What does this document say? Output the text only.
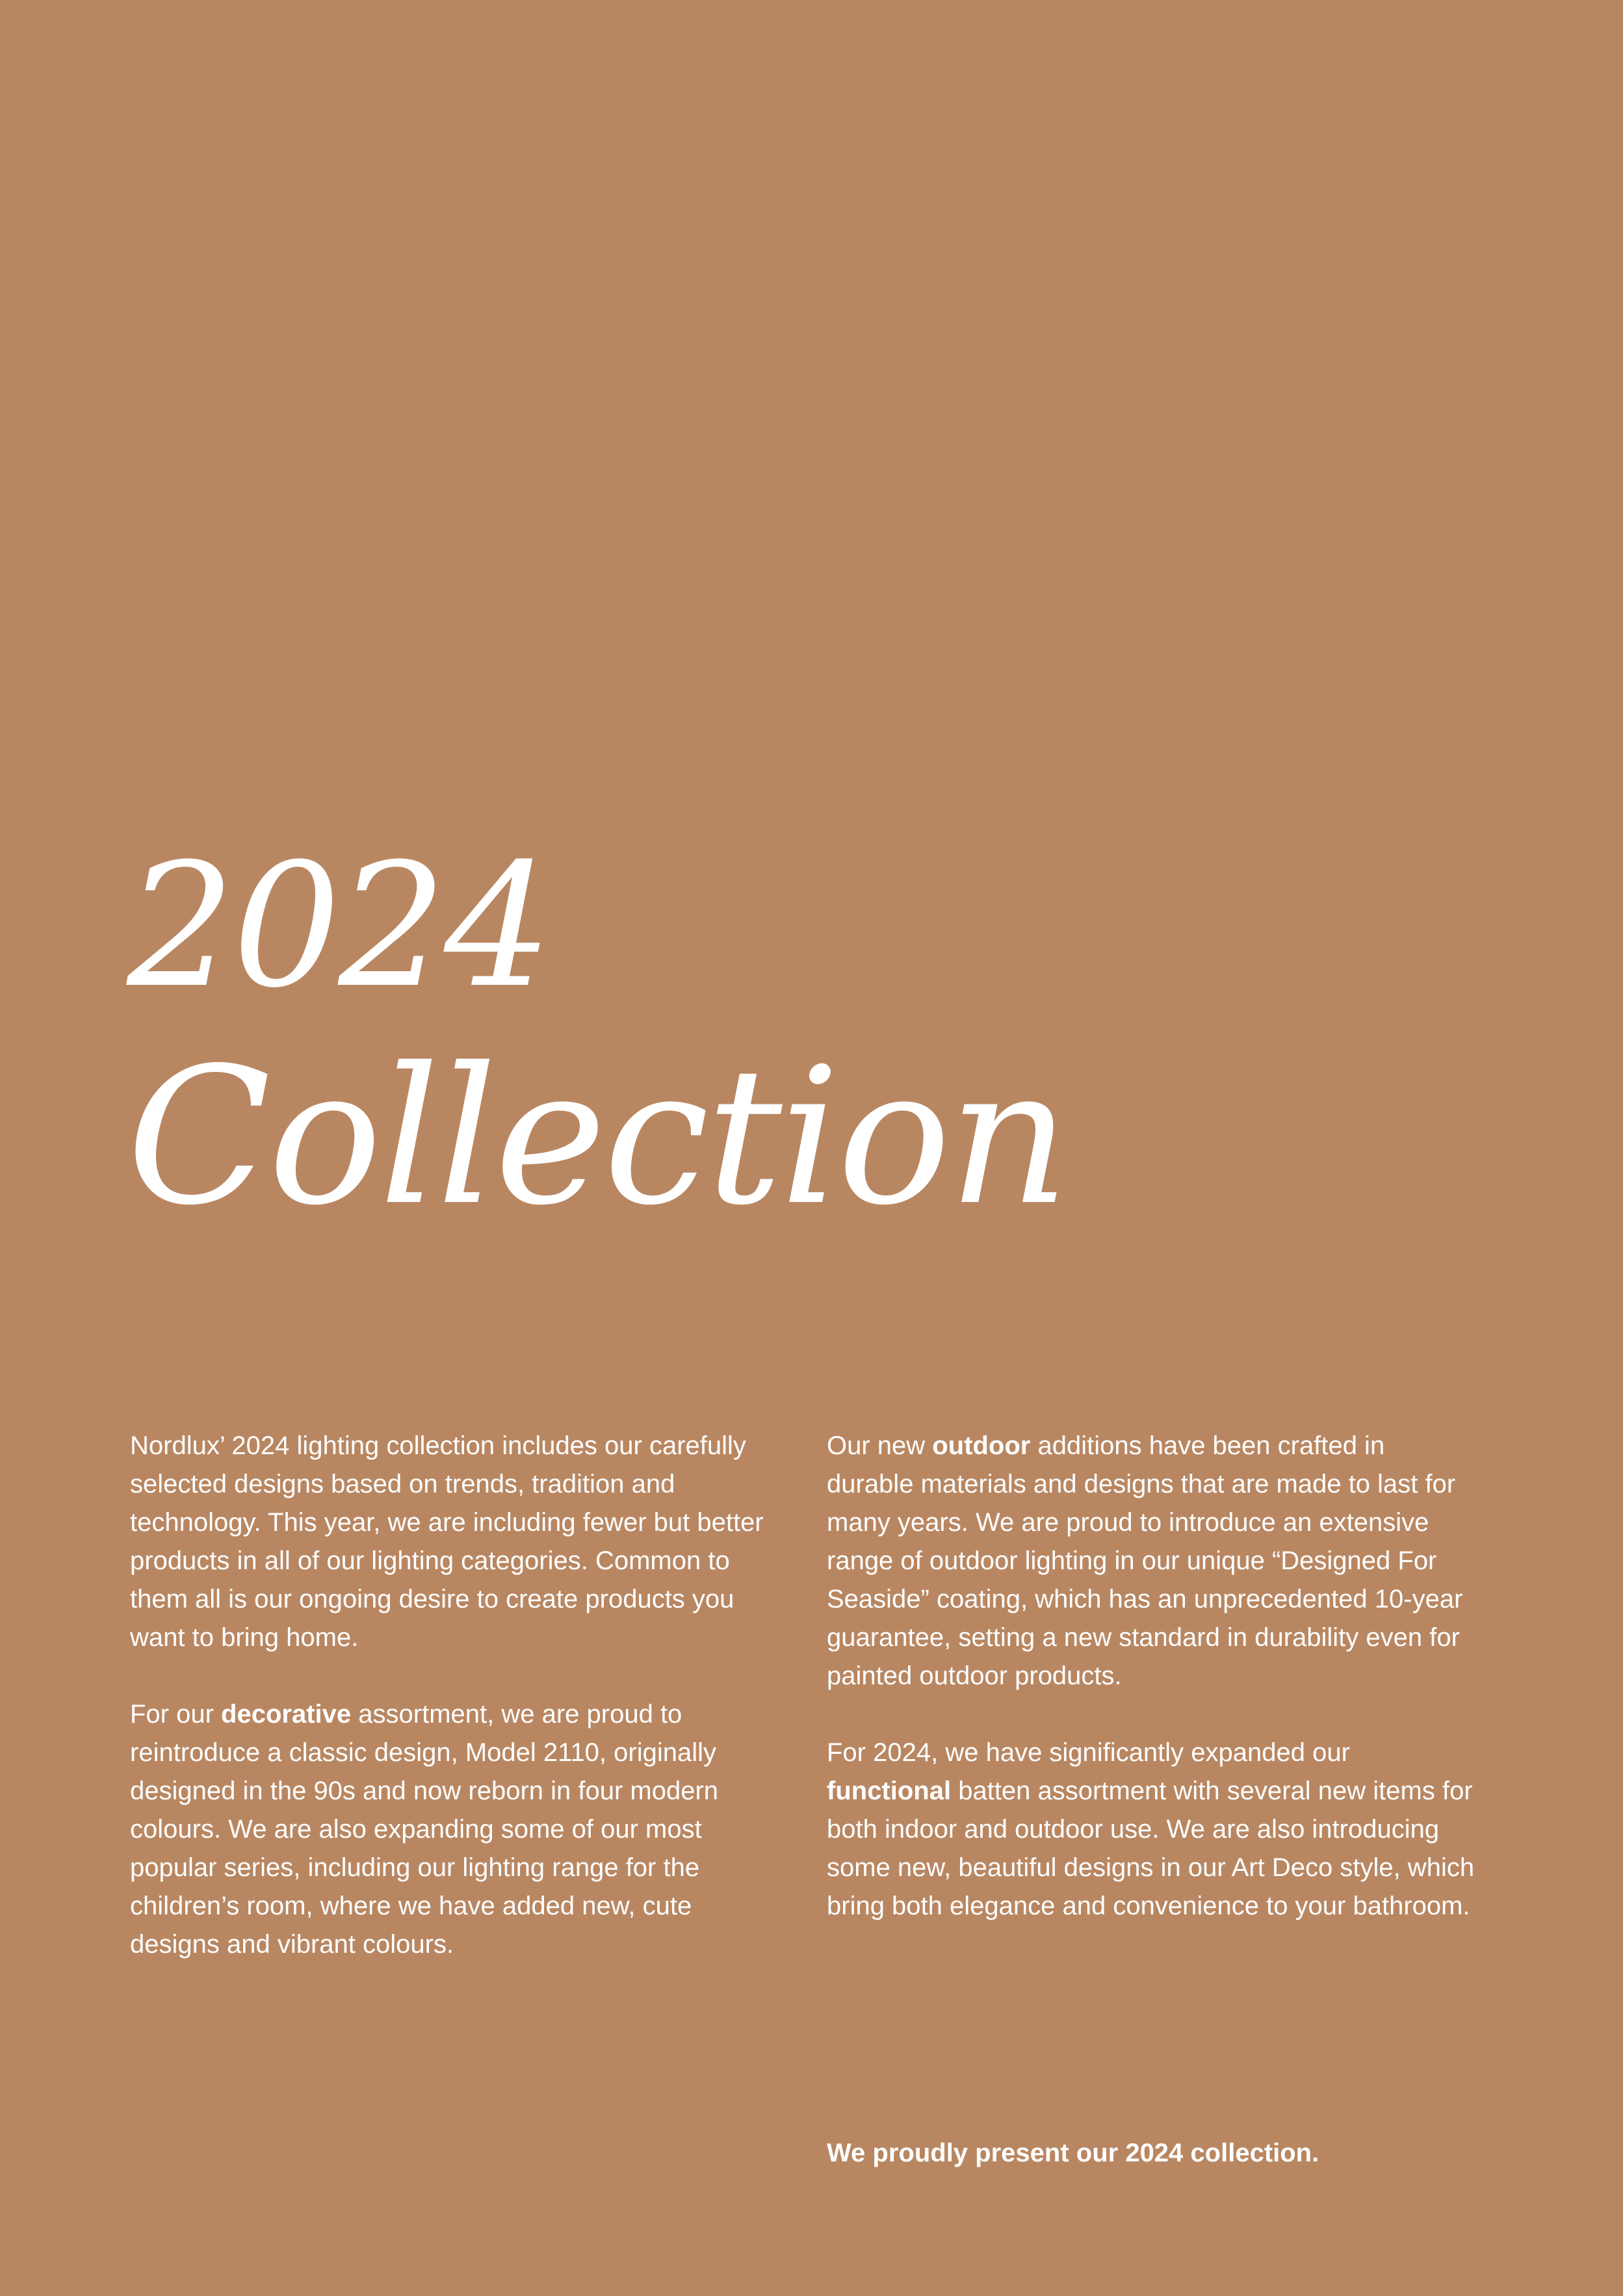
2024
Collection

Nordlux’ 2024 lighting collection includes our carefully selected designs based on trends, tradition and technology. This year, we are including fewer but better products in all of our lighting categories. Common to them all is our ongoing desire to create products you want to bring home.

For our decorative assortment, we are proud to reintroduce a classic design, Model 2110, originally designed in the 90s and now reborn in four modern colours. We are also expanding some of our most popular series, including our lighting range for the children’s room, where we have added new, cute designs and vibrant colours.

Our new outdoor additions have been crafted in durable materials and designs that are made to last for many years. We are proud to introduce an extensive range of outdoor lighting in our unique “Designed For Seaside” coating, which has an unprecedented 10-year guarantee, setting a new standard in durability even for painted outdoor products.

For 2024, we have significantly expanded our functional batten assortment with several new items for both indoor and outdoor use. We are also introducing some new, beautiful designs in our Art Deco style, which bring both elegance and convenience to your bathroom.

We proudly present our 2024 collection.
